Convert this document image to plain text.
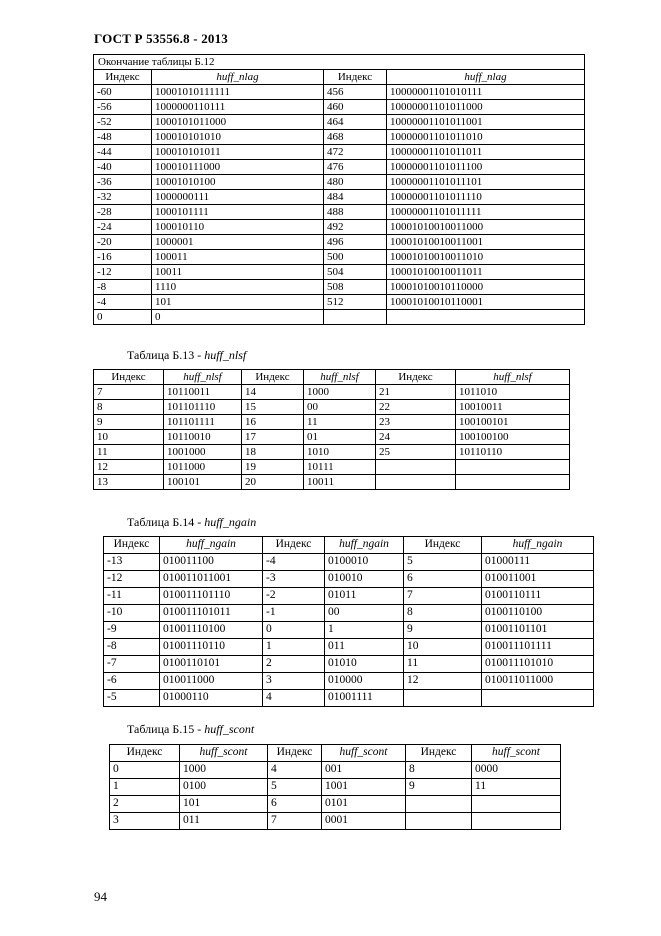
ГОСТ Р 53556.8 - 2013
Окончание таблицы Б.12			
Индекс	huff_nlag	Индекс	huff_nlag
-60	10001010111111	456	10000001101010111
-56	1000000110111	460	10000001101011000
-52	1000101011000	464	10000001101011001
-48	100010101010	468	10000001101011010
-44	100010101011	472	10000001101011011
-40	100010111000	476	10000001101011100
-36	10001010100	480	10000001101011101
-32	1000000111	484	10000001101011110
-28	1000101111	488	10000001101011111
-24	100010110	492	10001010010011000
-20	1000001	496	10001010010011001
-16	100011	500	10001010010011010
-12	10011	504	10001010010011011
-8	1110	508	10001010010110000
-4	101	512	10001010010110001
0	0		
Таблица Б.13 - huff_nlsf
Индекс	huff_nlsf	Индекс	huff_nlsf	Индекс	huff_nlsf
7	10110011	14	1000	21	1011010
8	101101110	15	00	22	10010011
9	101101111	16	11	23	100100101
10	10110010	17	01	24	100100100
11	1001000	18	1010	25	10110110
12	1011000	19	10111		
13	100101	20	10011		
Таблица Б.14 - huff_ngain
Индекс	huff_ngain	Индекс	huff_ngain	Индекс	huff_ngain
-13	010011100	-4	0100010	5	01000111
-12	010011011001	-3	010010	6	010011001
-11	010011101110	-2	01011	7	0100110111
-10	010011101011	-1	00	8	0100110100
-9	01001110100	0	1	9	01001101101
-8	01001110110	1	011	10	010011101111
-7	0100110101	2	01010	11	010011101010
-6	010011000	3	010000	12	010011011000
-5	01000110	4	01001111		
Таблица Б.15 - huff_scont
Индекс	huff_scont	Индекс	huff_scont	Индекс	huff_scont
0	1000	4	001	8	0000
1	0100	5	1001	9	11
2	101	6	0101		
3	011	7	0001		
94
